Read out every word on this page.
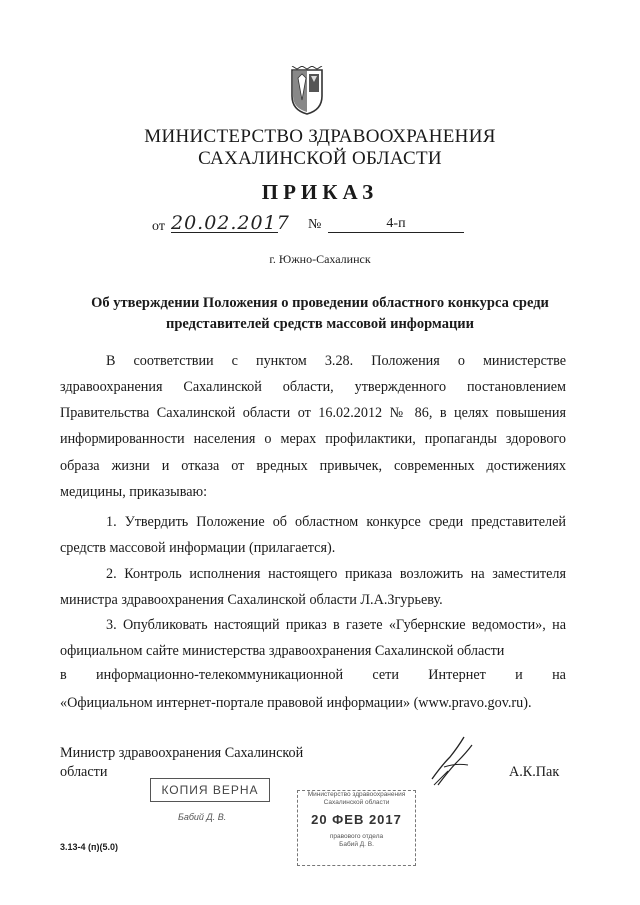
МИНИСТЕРСТВО ЗДРАВООХРАНЕНИЯ
САХАЛИНСКОЙ ОБЛАСТИ
ПРИКАЗ
от 20.02.2017 №	4-п
г. Южно-Сахалинск
Об утверждении Положения о проведении областного конкурса среди
представителей средств массовой информации
В соответствии с пунктом 3.28. Положения о министерстве
здравоохранения Сахалинской области, утвержденного постановлением Правительства Сахалинской области от 16.02.2012 № 86, в целях повышения информированности населения о мерах профилактики, пропаганды здорового образа жизни и отказа от вредных привычек, современных достижениях медицины, приказываю:
1. Утвердить Положение об областном конкурсе среди представителей средств массовой информации (прилагается).
2. Контроль исполнения настоящего приказа возложить на заместителя министра здравоохранения Сахалинской области Л.А.Згурьеву.
3. Опубликовать настоящий приказ в газете «Губернские ведомости», на официальном сайте министерства здравоохранения Сахалинской области
в информационно-телекоммуникационной сети Интернет и на
«Официальном интернет-портале правовой информации» (www.pravo.gov.ru).
Министр здравоохранения Сахалинской
области	А.К.Пак
КОПИЯ ВЕРНА
Бабий Д. В.
Министерство здравоохранения
Сахалинской области
20 ФЕВ 2017
правового отдела
Бабий Д. В.
3.13-4 (п)(5.0)
